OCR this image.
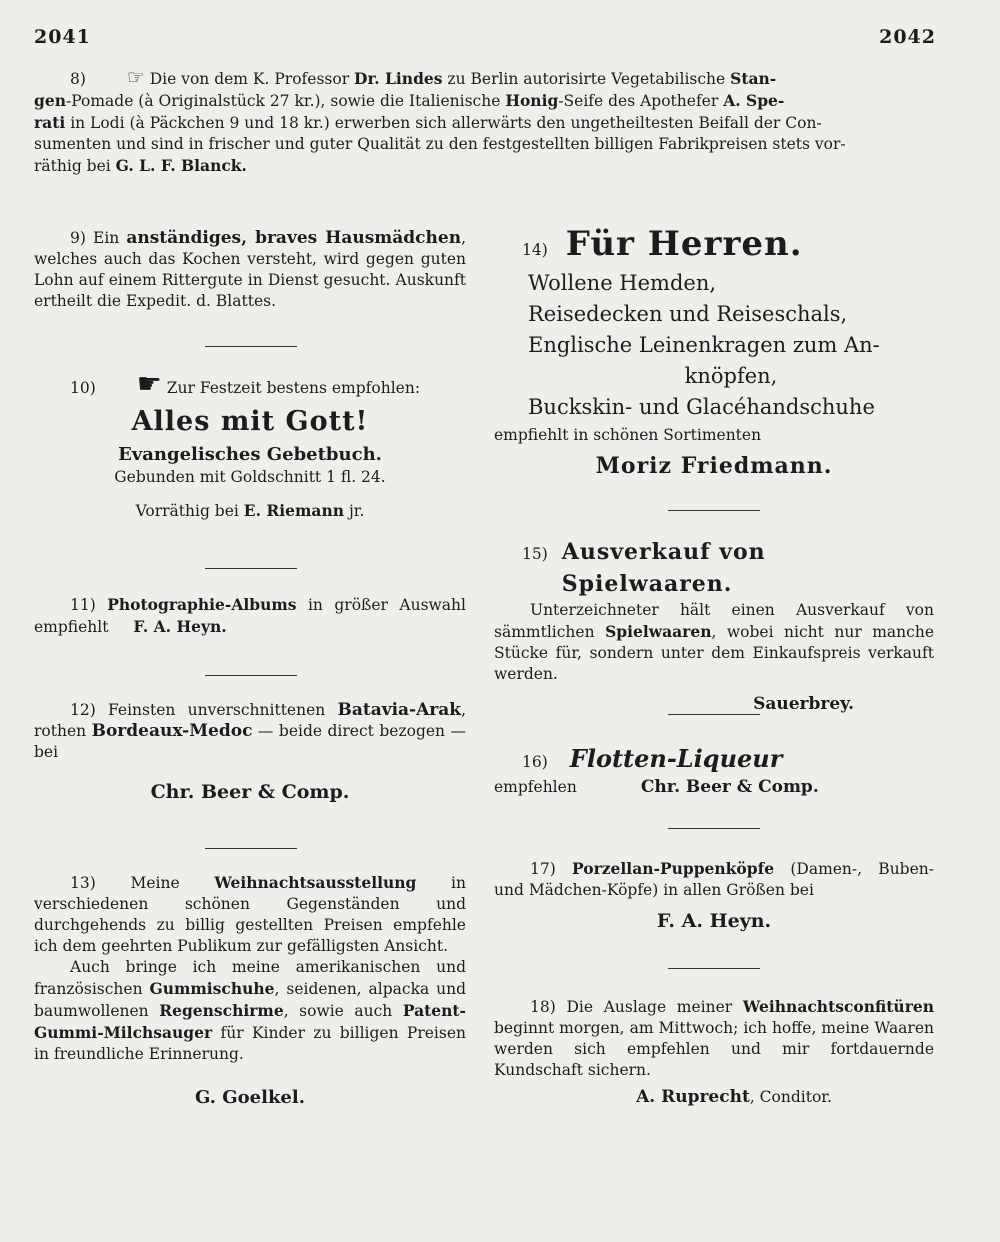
2041	2042

8) ☞ Die von dem K. Professor Dr. Lindes zu Berlin autorisirte Vegetabilische Stan-

gen-Pomade (à Originalstück 27 kr.), sowie die Italienische Honig-Seife des Apothefer A. Spe-

rati in Lodi (à Päckchen 9 und 18 kr.) erwerben sich allerwärts den ungetheiltesten Beifall der Con-

sumenten und sind in frischer und guter Qualität zu den festgestellten billigen Fabrikpreisen stets vor-

räthig bei G. L. F. Blanck.

9) Ein anständiges, braves Hausmädchen, welches auch das Kochen versteht, wird gegen guten Lohn auf einem Rittergute in Dienst gesucht. Auskunft ertheilt die Expedit. d. Blattes.

10) ☛ Zur Festzeit bestens empfohlen:

Alles mit Gott!

Evangelisches Gebetbuch.

Gebunden mit Goldschnitt 1 fl. 24.

Vorräthig bei E. Riemann jr.

11) Photographie-Albums in größer Auswahl empfiehlt F. A. Heyn.

12) Feinsten unverschnittenen Batavia-Arak, rothen Bordeaux-Medoc — beide direct bezogen — bei

Chr. Beer & Comp.

13) Meine Weihnachtsausstellung in verschiedenen schönen Gegenständen und durchgehends zu billig gestellten Preisen empfehle ich dem geehrten Publikum zur gefälligsten Ansicht.

Auch bringe ich meine amerikanischen und französischen Gummischuhe, seidenen, alpacka und baumwollenen Regenschirme, sowie auch Patent-Gummi-Milchsauger für Kinder zu billigen Preisen in freundliche Erinnerung.

G. Goelkel.

14) Für Herren.

Wollene Hemden,

Reisedecken und Reiseschals,

Englische Leinenkragen zum An-

knöpfen,

Buckskin- und Glacéhandschuhe

empfiehlt in schönen Sortimenten

Moriz Friedmann.

15) Ausverkauf von Spielwaaren.

Unterzeichneter hält einen Ausverkauf von sämmtlichen Spielwaaren, wobei nicht nur manche Stücke für, sondern unter dem Einkaufspreis verkauft werden.

Sauerbrey.

16) Flotten-Liqueur
empfehlen	Chr. Beer & Comp.

17) Porzellan-Puppenköpfe (Damen-, Buben- und Mädchen-Köpfe) in allen Größen bei

F. A. Heyn.

18) Die Auslage meiner Weihnachtsconfitüren beginnt morgen, am Mittwoch; ich hoffe, meine Waaren werden sich empfehlen und mir fortdauernde Kundschaft sichern.

A. Ruprecht, Conditor.
